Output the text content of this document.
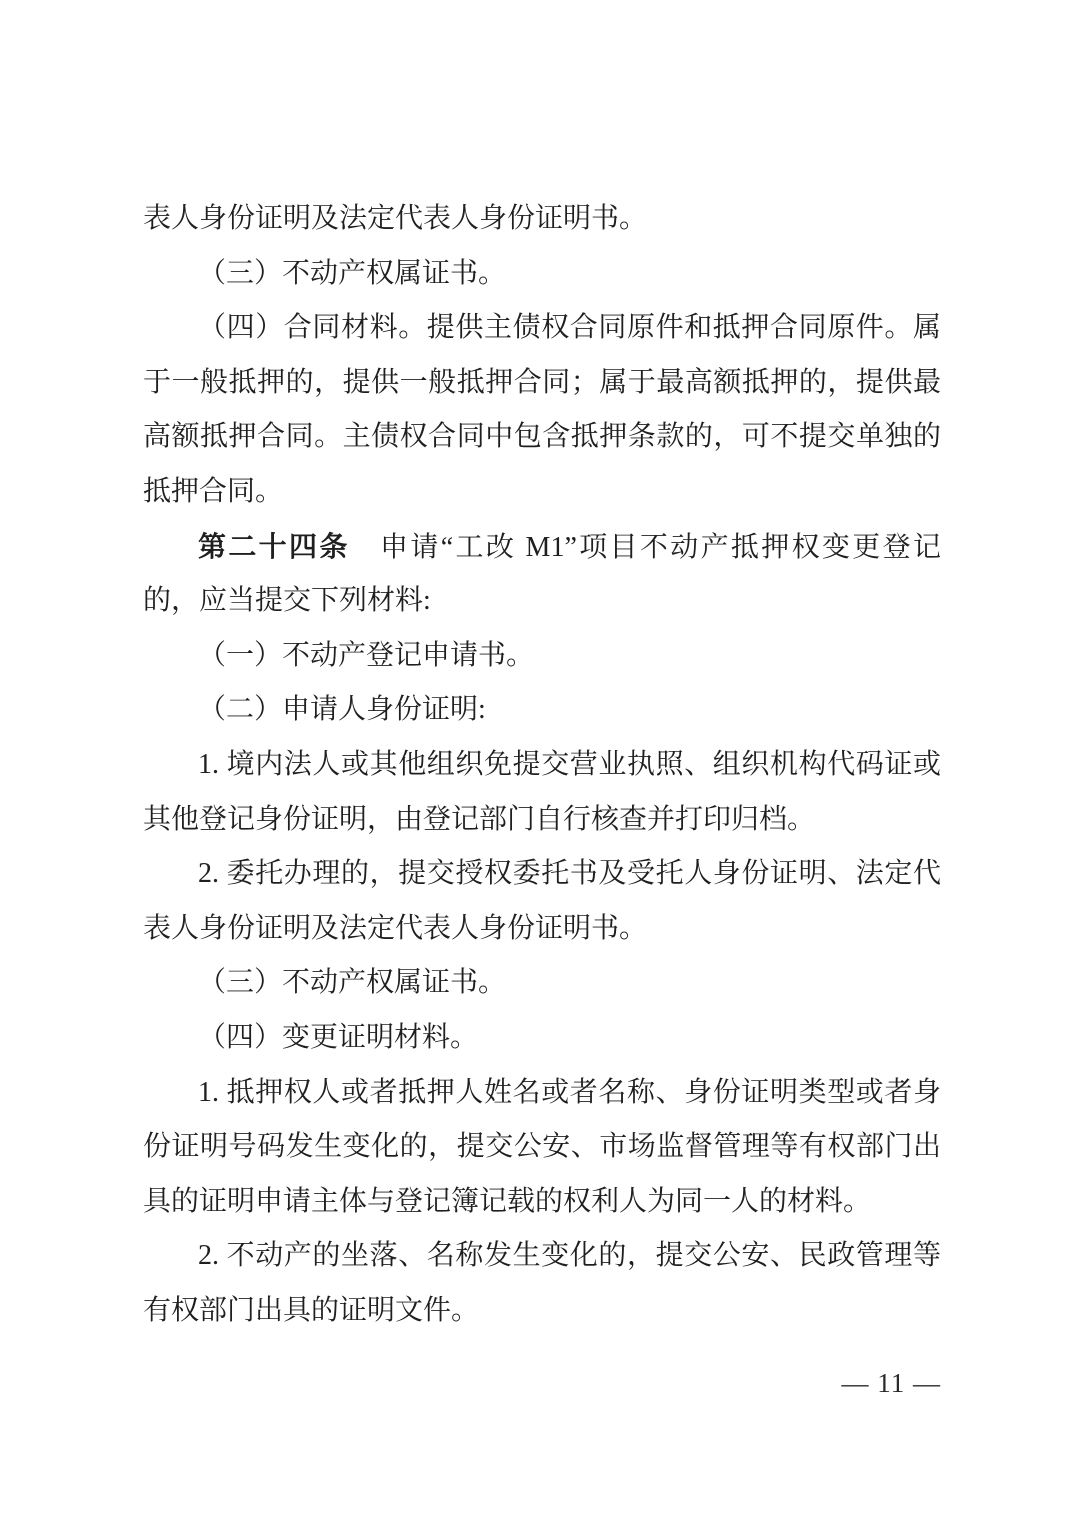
表人身份证明及法定代表人身份证明书。
（三）不动产权属证书。
（四）合同材料。提供主债权合同原件和抵押合同原件。属
于一般抵押的，提供一般抵押合同；属于最高额抵押的，提供最
高额抵押合同。主债权合同中包含抵押条款的，可不提交单独的
抵押合同。
第二十四条　申请“工改 M1”项目不动产抵押权变更登记
的，应当提交下列材料:
（一）不动产登记申请书。
（二）申请人身份证明:
1. 境内法人或其他组织免提交营业执照、组织机构代码证或
其他登记身份证明，由登记部门自行核查并打印归档。
2. 委托办理的，提交授权委托书及受托人身份证明、法定代
表人身份证明及法定代表人身份证明书。
（三）不动产权属证书。
（四）变更证明材料。
1. 抵押权人或者抵押人姓名或者名称、身份证明类型或者身
份证明号码发生变化的，提交公安、市场监督管理等有权部门出
具的证明申请主体与登记簿记载的权利人为同一人的材料。
2. 不动产的坐落、名称发生变化的，提交公安、民政管理等
有权部门出具的证明文件。
— 11 —
